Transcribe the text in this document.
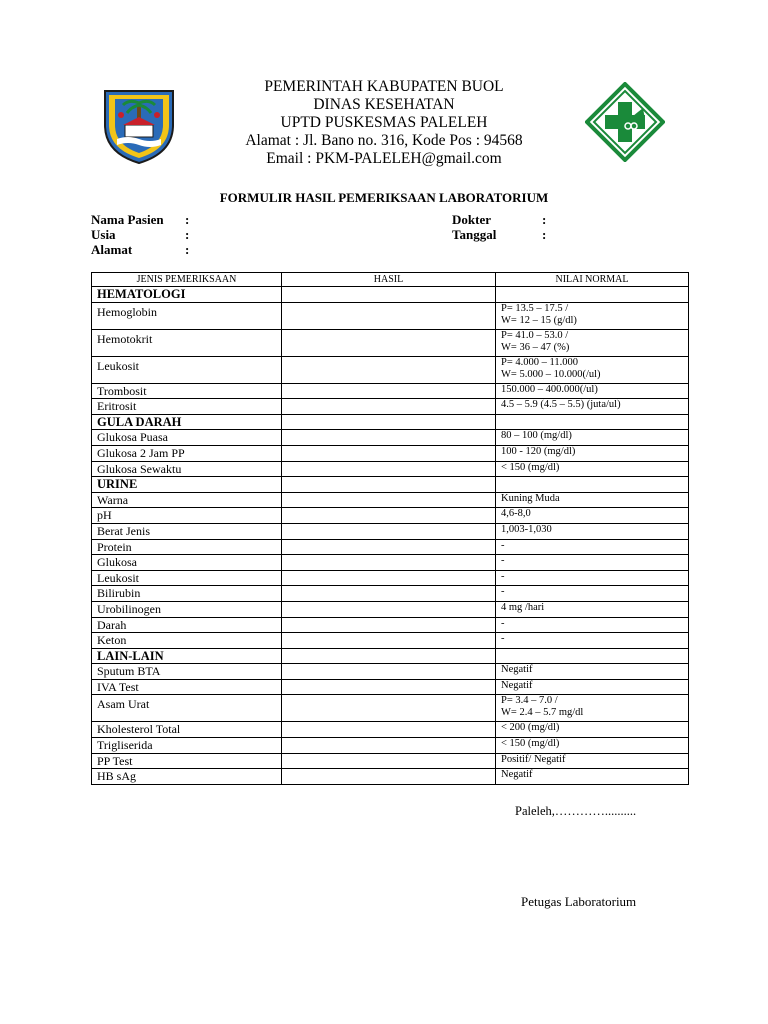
PEMERINTAH KABUPATEN BUOL
DINAS KESEHATAN
UPTD PUSKESMAS PALELEH
Alamat : Jl. Bano no. 316, Kode Pos : 94568
Email : PKM-PALELEH@gmail.com
FORMULIR HASIL PEMERIKSAAN LABORATORIUM
Nama Pasien :
Usia	:
Alamat	:
Dokter	:
Tanggal	:
JENIS PEMERIKSAAN	HASIL	NILAI NORMAL
HEMATOLOGI		
Hemoglobin		P= 13.5 – 17.5 /
W= 12 – 15 (g/dl)

Hemotokrit		P= 41.0 – 53.0 /
W= 36 – 47 (%)

Leukosit		P= 4.000 – 11.000
W= 5.000 – 10.000(/ul)

Trombosit		150.000 – 400.000(/ul)

Eritrosit		4.5 – 5.9 (4.5 – 5.5) (juta/ul)

GULA DARAH		
Glukosa Puasa		80 – 100 (mg/dl)

Glukosa 2 Jam PP		100 - 120 (mg/dl)

Glukosa Sewaktu		< 150 (mg/dl)

URINE		
Warna		Kuning Muda

pH		4,6-8,0

Berat Jenis		1,003-1,030

Protein		-

Glukosa		-

Leukosit		-

Bilirubin		-

Urobilinogen		4 mg /hari

Darah		-

Keton		-

LAIN-LAIN		
Sputum BTA		Negatif

IVA Test		Negatif

Asam Urat		P= 3.4 – 7.0 /
W= 2.4 – 5.7 mg/dl

Kholesterol Total		< 200 (mg/dl)

Trigliserida		< 150 (mg/dl)

PP Test		Positif/ Negatif

HB sAg		Negatif
Paleleh,…………..........
Petugas Laboratorium
